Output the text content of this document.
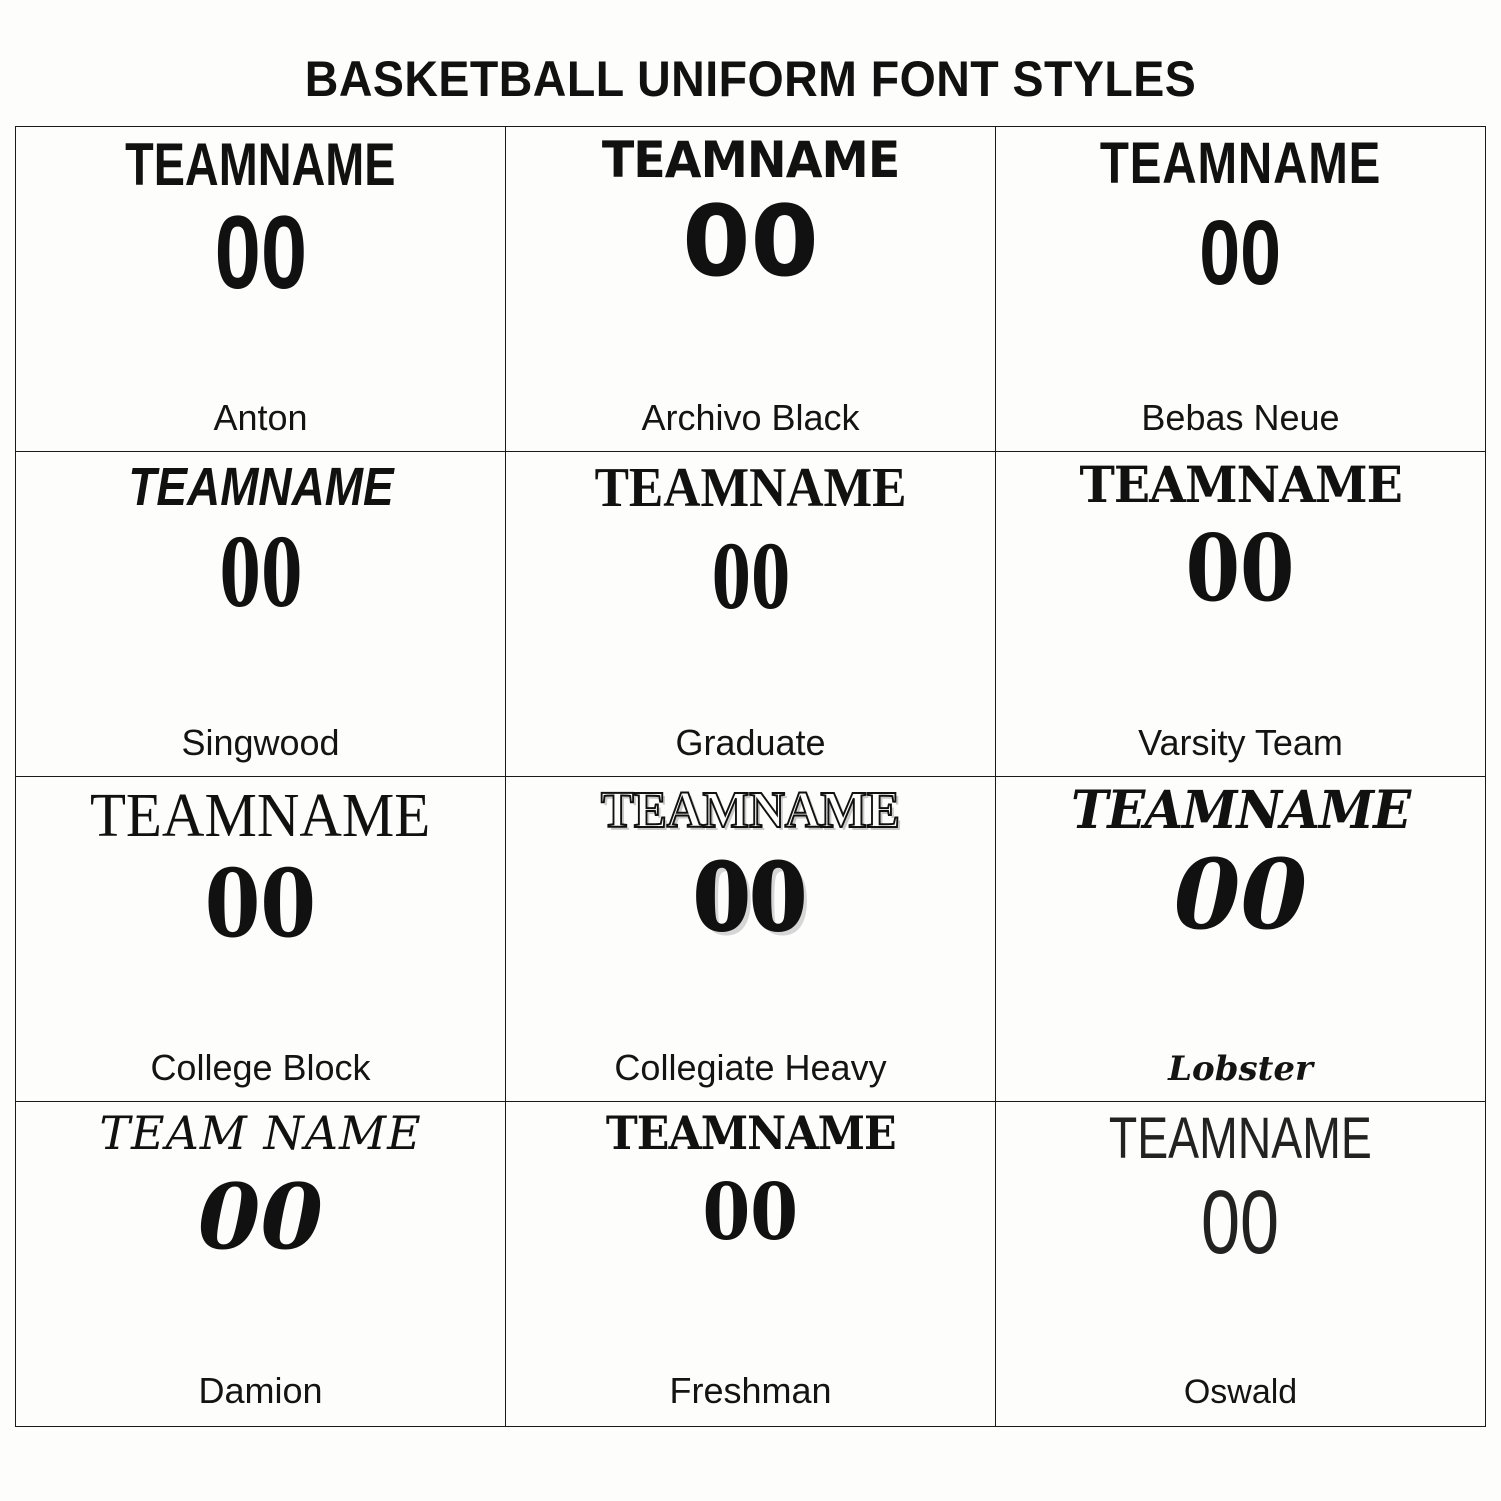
BASKETBALL UNIFORM FONT STYLES
TEAMNAME
00
Anton
TEAMNAME
00
Archivo Black
TEAMNAME
00
Bebas Neue
TEAMNAME
00
Singwood
TEAMNAME
00
Graduate
TEAMNAME
00
Varsity Team
TEAMNAME
00
College Block
TEAMNAME
00
Collegiate Heavy
TEAMNAME
00
Lobster
TEAM NAME
00
Damion
TEAMNAME
00
Freshman
TEAMNAME
00
Oswald
